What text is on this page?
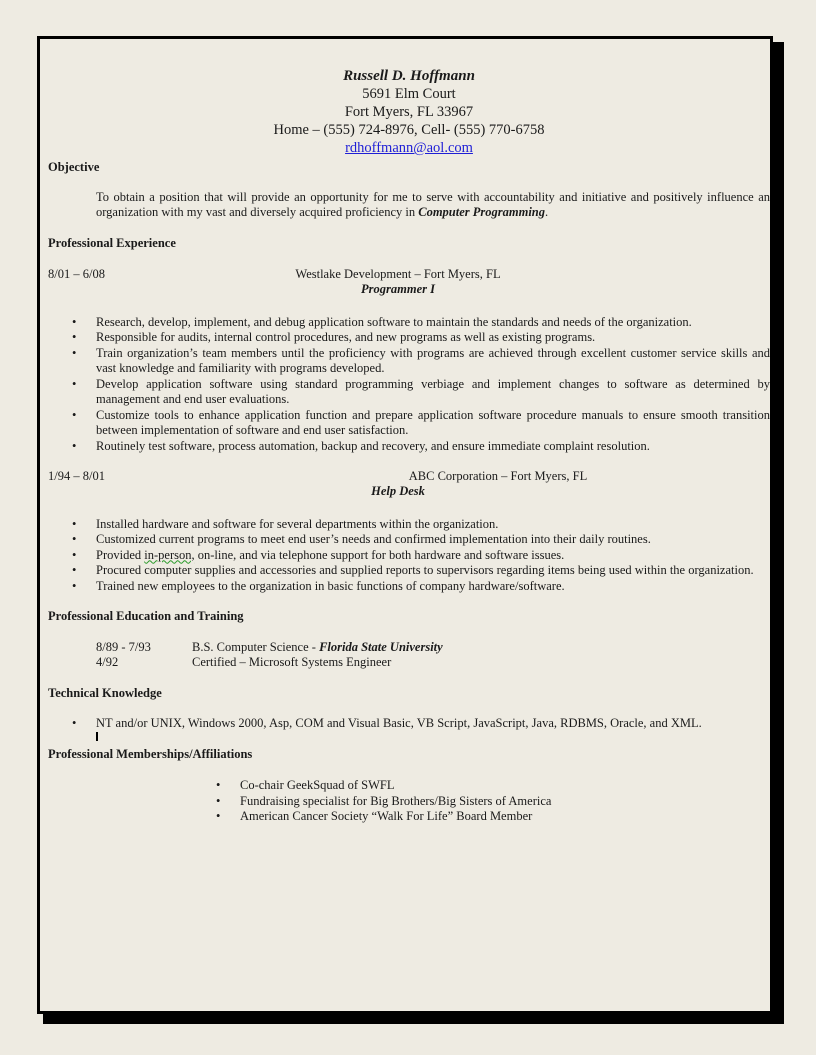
Russell D. Hoffmann
5691 Elm Court
Fort Myers, FL 33967
Home – (555) 724-8976, Cell- (555) 770-6758
rdhoffmann@aol.com
Objective
To obtain a position that will provide an opportunity for me to serve with accountability and initiative and positively influence an organization with my vast and diversely acquired proficiency in Computer Programming.
Professional Experience
8/01 – 6/08	Westlake Development – Fort Myers, FL
Programmer I
• Research, develop, implement, and debug application software to maintain the standards and needs of the organization.
• Responsible for audits, internal control procedures, and new programs as well as existing programs.
• Train organization’s team members until the proficiency with programs are achieved through excellent customer service skills and vast knowledge and familiarity with programs developed.
• Develop application software using standard programming verbiage and implement changes to software as determined by management and end user evaluations.
• Customize tools to enhance application function and prepare application software procedure manuals to ensure smooth transition between implementation of software and end user satisfaction.
• Routinely test software, process automation, backup and recovery, and ensure immediate complaint resolution.
1/94 – 8/01	ABC Corporation – Fort Myers, FL
Help Desk
• Installed hardware and software for several departments within the organization.
• Customized current programs to meet end user’s needs and confirmed implementation into their daily routines.
• Provided in-person, on-line, and via telephone support for both hardware and software issues.
• Procured computer supplies and accessories and supplied reports to supervisors regarding items being used within the organization.
• Trained new employees to the organization in basic functions of company hardware/software.
Professional Education and Training
8/89 - 7/93	B.S. Computer Science - Florida State University
4/92	Certified – Microsoft Systems Engineer
Technical Knowledge
• NT and/or UNIX, Windows 2000, Asp, COM and Visual Basic, VB Script, JavaScript, Java, RDBMS, Oracle, and XML.
Professional Memberships/Affiliations
• Co-chair GeekSquad of SWFL
• Fundraising specialist for Big Brothers/Big Sisters of America
• American Cancer Society “Walk For Life” Board Member
